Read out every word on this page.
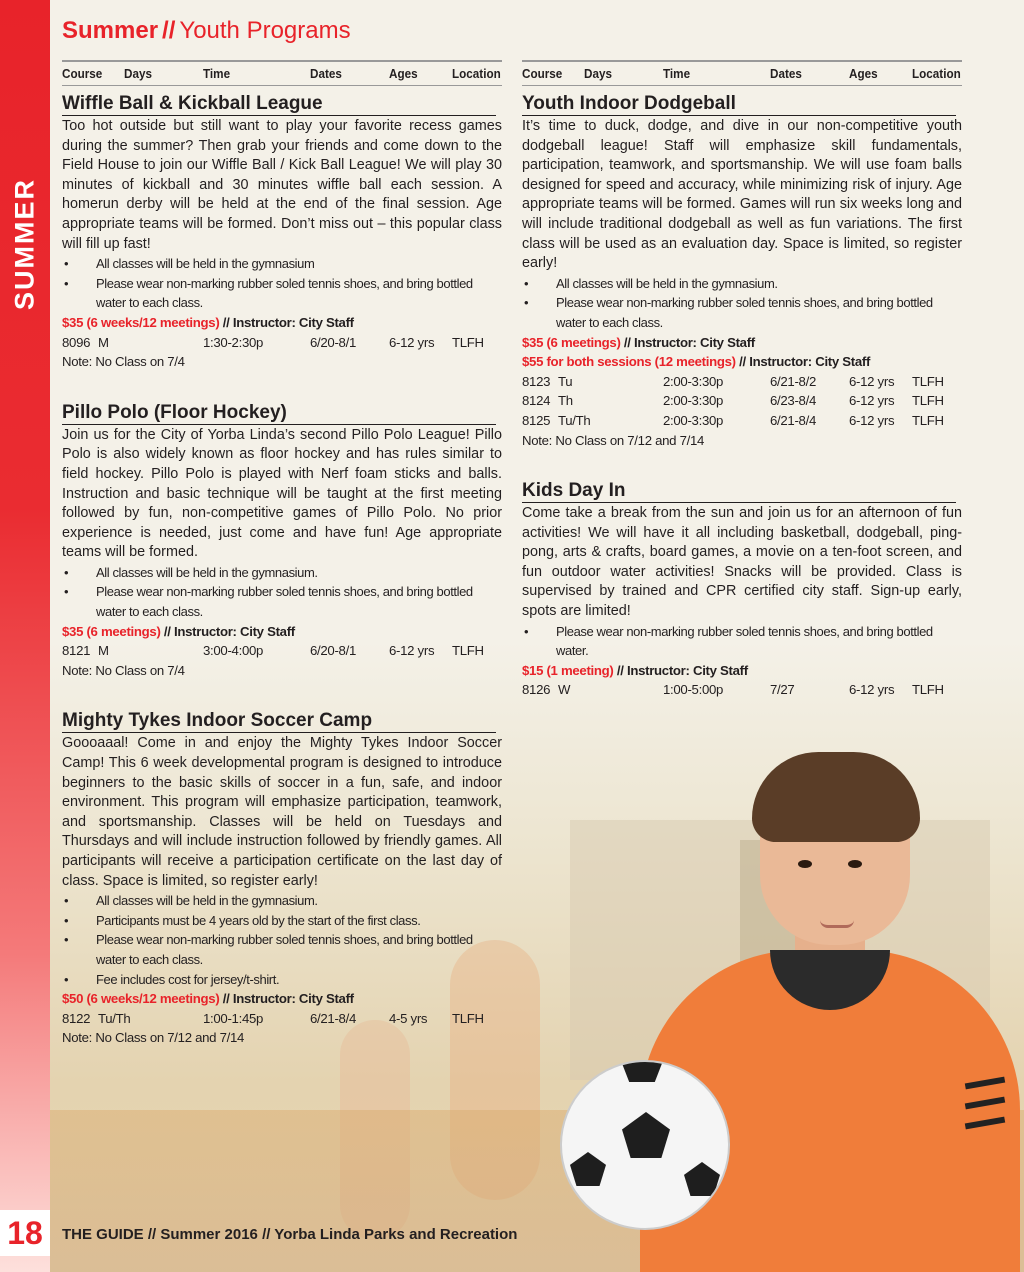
SUMMER
18
Summer // Youth Programs
Course	Days	Time	Dates	Ages	Location
Wiffle Ball & Kickball League

Too hot outside but still want to play your favorite recess games during the summer? Then grab your friends and come down to the Field House to join our Wiffle Ball / Kick Ball League! We will play 30 minutes of kickball and 30 minutes wiffle ball each session. A homerun derby will be held at the end of the final session. Age appropriate teams will be formed. Don’t miss out – this popular class will fill up fast!

• All classes will be held in the gymnasium
• Please wear non-marking rubber soled tennis shoes, and bring bottled water to each class.
$35 (6 weeks/12 meetings) // Instructor: City Staff
8096 M	1:30-2:30p	6/20-8/1	6-12 yrs	TLFH
Note: No Class on 7/4
Pillo Polo (Floor Hockey)

Join us for the City of Yorba Linda’s second Pillo Polo League! Pillo Polo is also widely known as floor hockey and has rules similar to field hockey. Pillo Polo is played with Nerf foam sticks and balls. Instruction and basic technique will be taught at the first meeting followed by fun, non-competitive games of Pillo Polo. No prior experience is needed, just come and have fun! Age appropriate teams will be formed.

• All classes will be held in the gymnasium.
• Please wear non-marking rubber soled tennis shoes, and bring bottled water to each class.
$35 (6 meetings) // Instructor: City Staff
8121 M	3:00-4:00p	6/20-8/1	6-12 yrs	TLFH
Note: No Class on 7/4
Mighty Tykes Indoor Soccer Camp

Goooaaal! Come in and enjoy the Mighty Tykes Indoor Soccer Camp! This 6 week developmental program is designed to introduce beginners to the basic skills of soccer in a fun, safe, and indoor environment. This program will emphasize participation, teamwork, and sportsmanship. Classes will be held on Tuesdays and Thursdays and will include instruction followed by friendly games. All participants will receive a participation certificate on the last day of class. Space is limited, so register early!

• All classes will be held in the gymnasium.
• Participants must be 4 years old by the start of the first class.
• Please wear non-marking rubber soled tennis shoes, and bring bottled water to each class.
• Fee includes cost for jersey/t-shirt.
$50 (6 weeks/12 meetings) // Instructor: City Staff
8122 Tu/Th	1:00-1:45p	6/21-8/4	4-5 yrs	TLFH
Note: No Class on 7/12 and 7/14
Course	Days	Time	Dates	Ages	Location
Youth Indoor Dodgeball

It’s time to duck, dodge, and dive in our non-competitive youth dodgeball league! Staff will emphasize skill fundamentals, participation, teamwork, and sportsmanship. We will use foam balls designed for speed and accuracy, while minimizing risk of injury. Age appropriate teams will be formed. Games will run six weeks long and will include traditional dodgeball as well as fun variations. The first class will be used as an evaluation day. Space is limited, so register early!

• All classes will be held in the gymnasium.
• Please wear non-marking rubber soled tennis shoes, and bring bottled water to each class.
$35 (6 meetings) // Instructor: City Staff
$55 for both sessions (12 meetings) // Instructor: City Staff
8123 Tu	2:00-3:30p	6/21-8/2	6-12 yrs	TLFH
8124 Th	2:00-3:30p	6/23-8/4	6-12 yrs	TLFH
8125 Tu/Th	2:00-3:30p	6/21-8/4	6-12 yrs	TLFH
Note: No Class on 7/12 and 7/14
Kids Day In

Come take a break from the sun and join us for an afternoon of fun activities! We will have it all including basketball, dodgeball, ping-pong, arts & crafts, board games, a movie on a ten-foot screen, and fun outdoor water activities! Snacks will be provided. Class is supervised by trained and CPR certified city staff. Sign-up early, spots are limited!

• Please wear non-marking rubber soled tennis shoes, and bring bottled water.
$15 (1 meeting) // Instructor: City Staff
8126 W	1:00-5:00p	7/27	6-12 yrs	TLFH
THE GUIDE // Summer 2016 // Yorba Linda Parks and Recreation
